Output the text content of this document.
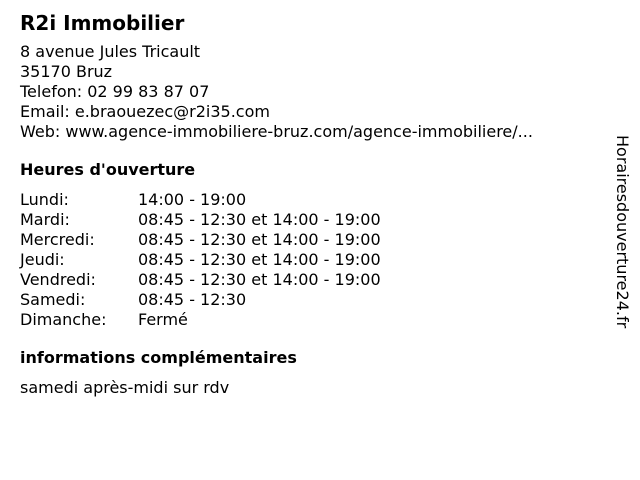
R2i Immobilier
8 avenue Jules Tricault
35170 Bruz
Telefon: 02 99 83 87 07
Email: e.braouezec@r2i35.com
Web: www.agence-immobiliere-bruz.com/agence-immobiliere/...
Heures d'ouverture
Lundi:	14:00 - 19:00
Mardi:	08:45 - 12:30 et 14:00 - 19:00
Mercredi:	08:45 - 12:30 et 14:00 - 19:00
Jeudi:	08:45 - 12:30 et 14:00 - 19:00
Vendredi:	08:45 - 12:30 et 14:00 - 19:00
Samedi:	08:45 - 12:30
Dimanche:	Fermé
informations complémentaires
samedi après-midi sur rdv
Horairesdouverture24.fr
